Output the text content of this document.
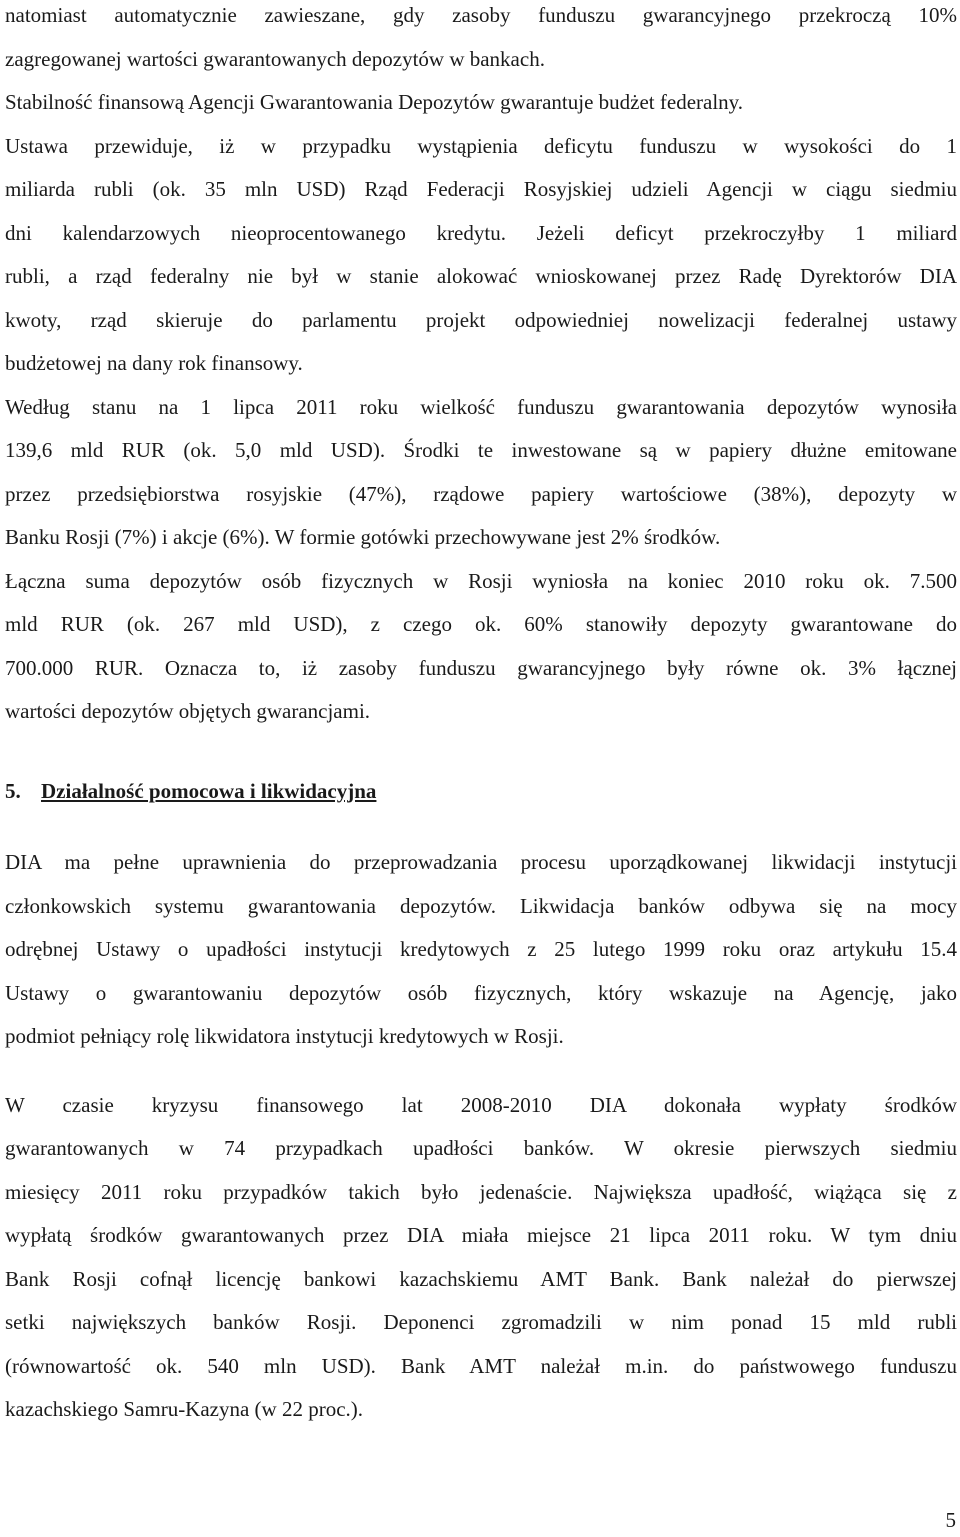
natomiast automatycznie zawieszane, gdy zasoby funduszu gwarancyjnego przekroczą 10%
zagregowanej wartości gwarantowanych depozytów w bankach.

Stabilność finansową Agencji Gwarantowania Depozytów gwarantuje budżet federalny.
Ustawa przewiduje, iż w przypadku wystąpienia deficytu funduszu w wysokości do 1
miliarda rubli (ok. 35 mln USD) Rząd Federacji Rosyjskiej udzieli Agencji w ciągu siedmiu
dni kalendarzowych nieoprocentowanego kredytu. Jeżeli deficyt przekroczyłby 1 miliard
rubli, a rząd federalny nie był w stanie alokować wnioskowanej przez Radę Dyrektorów DIA
kwoty, rząd skieruje do parlamentu projekt odpowiedniej nowelizacji federalnej ustawy
budżetowej na dany rok finansowy.

Według stanu na 1 lipca 2011 roku wielkość funduszu gwarantowania depozytów wynosiła
139,6 mld RUR (ok. 5,0 mld USD). Środki te inwestowane są w papiery dłużne emitowane
przez przedsiębiorstwa rosyjskie (47%), rządowe papiery wartościowe (38%), depozyty w
Banku Rosji (7%) i akcje (6%). W formie gotówki przechowywane jest 2% środków.

Łączna suma depozytów osób fizycznych w Rosji wyniosła na koniec 2010 roku ok. 7.500
mld RUR (ok. 267 mld USD), z czego ok. 60% stanowiły depozyty gwarantowane do
700.000 RUR. Oznacza to, iż zasoby funduszu gwarancyjnego były równe ok. 3% łącznej
wartości depozytów objętych gwarancjami.

5. Działalność pomocowa i likwidacyjna

DIA ma pełne uprawnienia do przeprowadzania procesu uporządkowanej likwidacji instytucji
członkowskich systemu gwarantowania depozytów. Likwidacja banków odbywa się na mocy
odrębnej Ustawy o upadłości instytucji kredytowych z 25 lutego 1999 roku oraz artykułu 15.4
Ustawy o gwarantowaniu depozytów osób fizycznych, który wskazuje na Agencję, jako
podmiot pełniący rolę likwidatora instytucji kredytowych w Rosji.

W czasie kryzysu finansowego lat 2008-2010 DIA dokonała wypłaty środków
gwarantowanych w 74 przypadkach upadłości banków. W okresie pierwszych siedmiu
miesięcy 2011 roku przypadków takich było jedenaście. Największa upadłość, wiążąca się z
wypłatą środków gwarantowanych przez DIA miała miejsce 21 lipca 2011 roku. W tym dniu
Bank Rosji cofnął licencję bankowi kazachskiemu AMT Bank. Bank należał do pierwszej
setki największych banków Rosji. Deponenci zgromadzili w nim ponad 15 mld rubli
(równowartość ok. 540 mln USD). Bank AMT należał m.in. do państwowego funduszu
kazachskiego Samru-Kazyna (w 22 proc.).

5
